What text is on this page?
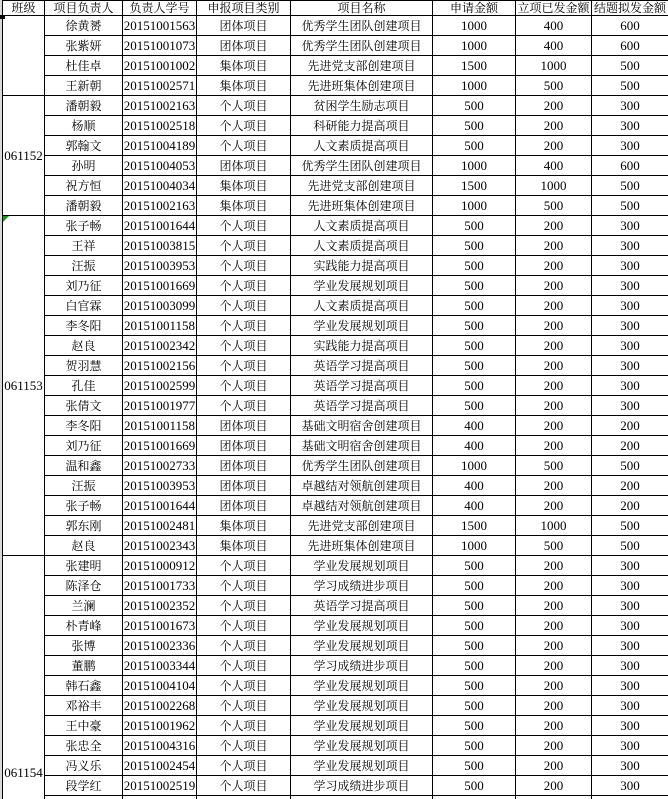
班级	项目负责人	负责人学号	申报项目类别	项目名称	申请金额	立项已发金额	结题拟发金额
	徐黄赟	20151001563	团体项目	优秀学生团队创建项目	1000	400	600
	张紫妍	20151001073	团体项目	优秀学生团队创建项目	1000	400	600
	杜佳卓	20151001002	集体项目	先进党支部创建项目	1500	1000	500
	王新朝	20151002571	集体项目	先进班集体创建项目	1000	500	500
061152	潘朝毅	20151002163	个人项目	贫困学生励志项目	500	200	300
	杨顺	20151002518	个人项目	科研能力提高项目	500	200	300
	郭翰文	20151004189	个人项目	人文素质提高项目	500	200	300
	孙明	20151004053	团体项目	优秀学生团队创建项目	1000	400	600
	祝方恒	20151004034	集体项目	先进党支部创建项目	1500	1000	500
	潘朝毅	20151002163	集体项目	先进班集体创建项目	1000	500	500

061153	张子畅	20151001644	个人项目	人文素质提高项目	500	200	300
	王祥	20151003815	个人项目	人文素质提高项目	500	200	300
	汪振	20151003953	个人项目	实践能力提高项目	500	200	300
	刘乃征	20151001669	个人项目	学业发展规划项目	500	200	300
	白官霖	20151003099	个人项目	人文素质提高项目	500	200	300
	李冬阳	20151001158	个人项目	学业发展规划项目	500	200	300
	赵良	20151002342	个人项目	实践能力提高项目	500	200	300
	贺羽慧	20151002156	个人项目	英语学习提高项目	500	200	300
	孔佳	20151002599	个人项目	英语学习提高项目	500	200	300
	张倩文	20151001977	个人项目	英语学习提高项目	500	200	300
	李冬阳	20151001158	团体项目	基础文明宿舍创建项目	400	200	200
	刘乃征	20151001669	团体项目	基础文明宿舍创建项目	400	200	200
	温和鑫	20151002733	团体项目	优秀学生团队创建项目	1000	500	500
	汪振	20151003953	团体项目	卓越结对领航创建项目	400	200	200
	张子畅	20151001644	团体项目	卓越结对领航创建项目	400	200	200
	郭东刚	20151002481	集体项目	先进党支部创建项目	1500	1000	500
	赵良	20151002343	集体项目	先进班集体创建项目	1000	500	500

061154	张建明	20151000912	个人项目	学业发展规划项目	500	200	300
	陈泽仓	20151001733	个人项目	学习成绩进步项目	500	200	300
	兰澜	20151002352	个人项目	英语学习提高项目	500	200	300
	朴青峰	20151001673	个人项目	学业发展规划项目	500	200	300
	张博	20151002336	个人项目	学业发展规划项目	500	200	300
	董鹏	20151003344	个人项目	学习成绩进步项目	500	200	300
	韩石鑫	20151004104	个人项目	学业发展规划项目	500	200	300
	邓裕丰	20151002268	个人项目	学业发展规划项目	500	200	300
	王中豪	20151001962	个人项目	学业发展规划项目	500	200	300
	张忠全	20151004316	个人项目	学业发展规划项目	500	200	300
	冯义乐	20151002454	个人项目	学业发展规划项目	500	200	300
	段学红	20151002519	个人项目	学习成绩进步项目	500	200	300
